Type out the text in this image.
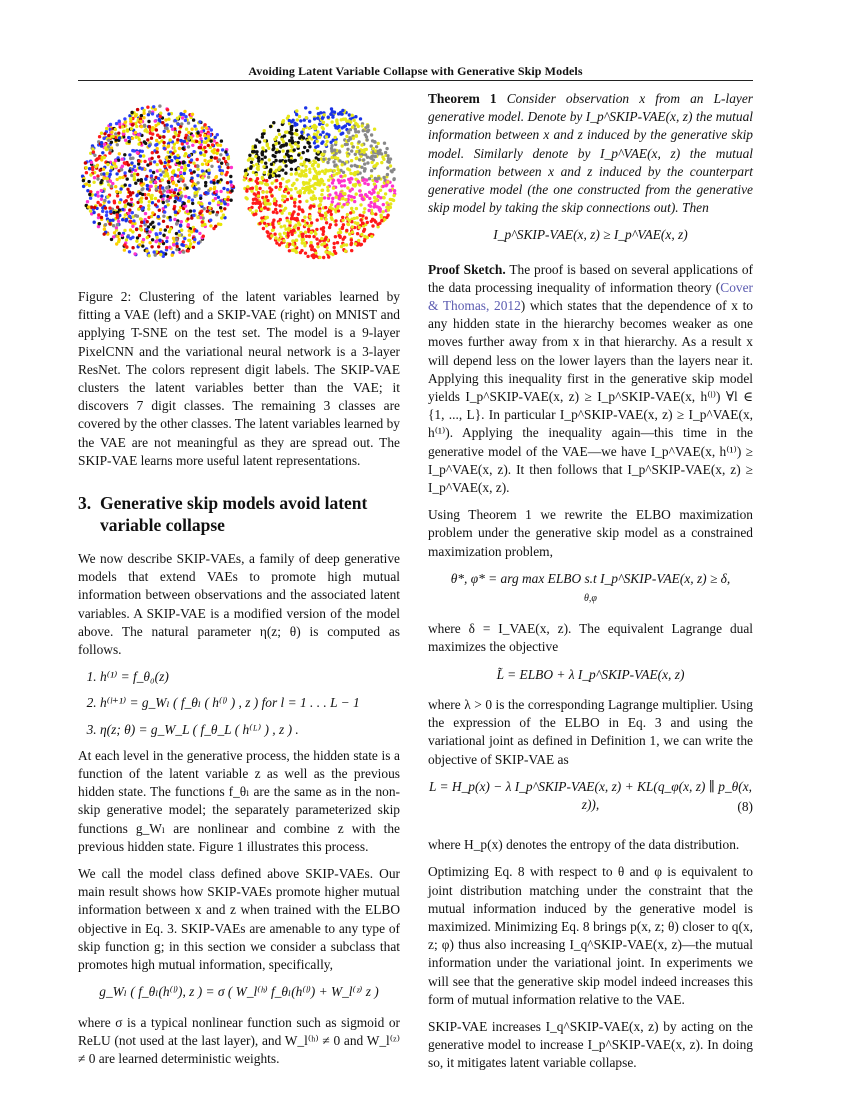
Avoiding Latent Variable Collapse with Generative Skip Models

Figure 2: Clustering of the latent variables learned by fitting a VAE (left) and a SKIP-VAE (right) on MNIST and applying T-SNE on the test set. The model is a 9-layer PixelCNN and the variational neural network is a 3-layer ResNet. The colors represent digit labels. The SKIP-VAE clusters the latent variables better than the VAE; it discovers 7 digit classes. The remaining 3 classes are covered by the other classes. The latent variables learned by the VAE are not meaningful as they are spread out. The SKIP-VAE learns more useful latent representations.

3. Generative skip models avoid latent variable collapse

We now describe SKIP-VAEs, a family of deep generative models that extend VAEs to promote high mutual information between observations and the associated latent variables. A SKIP-VAE is a modified version of the model above. The natural parameter η(z; θ) is computed as follows.

1. h⁽¹⁾ = f_θ₀(z)
2. h⁽ˡ⁺¹⁾ = g_Wₗ ( f_θₗ ( h⁽ˡ⁾ ) , z ) for l = 1 . . . L − 1
3. η(z; θ) = g_W_L ( f_θ_L ( h⁽ᴸ⁾ ) , z ) .

At each level in the generative process, the hidden state is a function of the latent variable z as well as the previous hidden state. The functions f_θₗ are the same as in the non-skip generative model; the separately parameterized skip functions g_Wₗ are nonlinear and combine z with the previous hidden state. Figure 1 illustrates this process.

We call the model class defined above SKIP-VAEs. Our main result shows how SKIP-VAEs promote higher mutual information between x and z when trained with the ELBO objective in Eq. 3. SKIP-VAEs are amenable to any type of skip function g; in this section we consider a subclass that promotes high mutual information, specifically,

g_Wₗ ( f_θₗ(h⁽ˡ⁾), z ) = σ ( W_l⁽ʰ⁾ f_θₗ(h⁽ˡ⁾) + W_l⁽ᶻ⁾ z )

where σ is a typical nonlinear function such as sigmoid or ReLU (not used at the last layer), and W_l⁽ʰ⁾ ≠ 0 and W_l⁽ᶻ⁾ ≠ 0 are learned deterministic weights.

Theorem 1 Consider observation x from an L-layer generative model. Denote by I_p^SKIP-VAE(x, z) the mutual information between x and z induced by the generative skip model. Similarly denote by I_p^VAE(x, z) the mutual information between x and z induced by the counterpart generative model (the one constructed from the generative skip model by taking the skip connections out). Then

I_p^SKIP-VAE(x, z) ≥ I_p^VAE(x, z)

Proof Sketch. The proof is based on several applications of the data processing inequality of information theory (Cover & Thomas, 2012) which states that the dependence of x to any hidden state in the hierarchy becomes weaker as one moves further away from x in that hierarchy. As a result x will depend less on the lower layers than the layers near it. Applying this inequality first in the generative skip model yields I_p^SKIP-VAE(x, z) ≥ I_p^SKIP-VAE(x, h⁽ˡ⁾) ∀l ∈ {1, ..., L}. In particular I_p^SKIP-VAE(x, z) ≥ I_p^VAE(x, h⁽¹⁾). Applying the inequality again—this time in the generative model of the VAE—we have I_p^VAE(x, h⁽¹⁾) ≥ I_p^VAE(x, z). It then follows that I_p^SKIP-VAE(x, z) ≥ I_p^VAE(x, z).

Using Theorem 1 we rewrite the ELBO maximization problem under the generative skip model as a constrained maximization problem,

θ*, φ* = arg max ELBO s.t I_p^SKIP-VAE(x, z) ≥ δ,
θ,φ

where δ = I_VAE(x, z). The equivalent Lagrange dual maximizes the objective

L̃ = ELBO + λ I_p^SKIP-VAE(x, z)

where λ > 0 is the corresponding Lagrange multiplier. Using the expression of the ELBO in Eq. 3 and using the variational joint as defined in Definition 1, we can write the objective of SKIP-VAE as

L = H_p(x) − λ I_p^SKIP-VAE(x, z) + KL(q_φ(x, z) ∥ p_θ(x, z)),	(8)

where H_p(x) denotes the entropy of the data distribution.

Optimizing Eq. 8 with respect to θ and φ is equivalent to joint distribution matching under the constraint that the mutual information induced by the generative model is maximized. Minimizing Eq. 8 brings p(x, z; θ) closer to q(x, z; φ) thus also increasing I_q^SKIP-VAE(x, z)—the mutual information under the variational joint. In experiments we will see that the generative skip model indeed increases this form of mutual information relative to the VAE.

SKIP-VAE increases I_q^SKIP-VAE(x, z) by acting on the generative model to increase I_p^SKIP-VAE(x, z). In doing so, it mitigates latent variable collapse.
